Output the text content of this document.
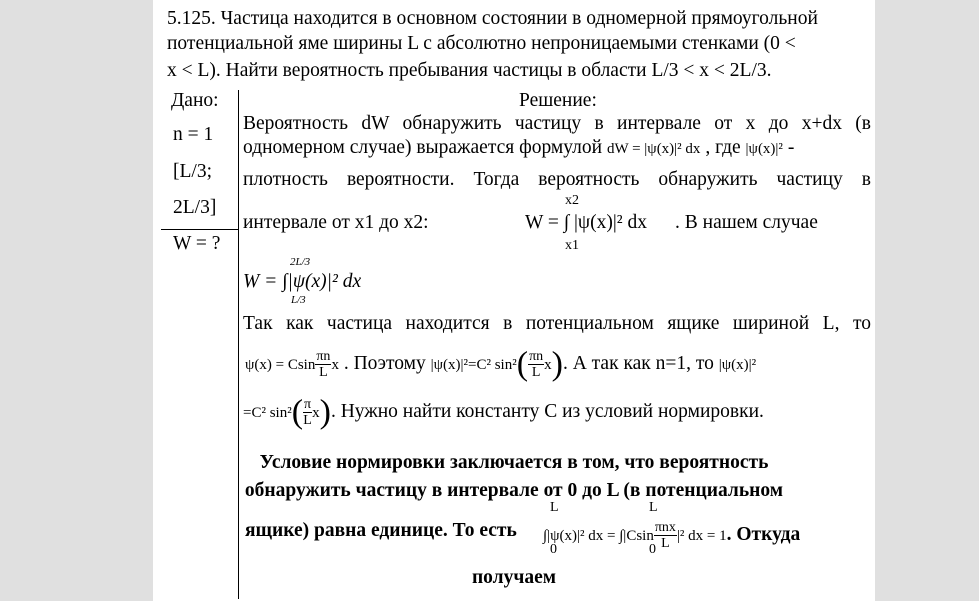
5.125. Частица находится в основном состоянии в одномерной прямоугольной
потенциальной яме ширины L с абсолютно непроницаемыми стенками (0 <
x < L). Найти вероятность пребывания частицы в области L/3 < x < 2L/3.
Дано:
n = 1
[L/3;
2L/3]
W = ?
Решение:
Вероятность dW обнаружить частицу в интервале от x до x+dx (в
одномерном случае) выражается формулой dW = |ψ(x)|² dx , где |ψ(x)|² -
плотность вероятности. Тогда вероятность обнаружить частицу в
интервале от x1 до x2:
x2
W = ∫ |ψ(x)|² dx
x1
. В нашем случае
2L/3
W = ∫|ψ(x)|² dx
L/3
Так как частица находится в потенциальном ящике шириной L, то
ψ(x) = Csin $\frac{\pi n}{L}$ x . Поэтому |ψ(x)|²=C² $\sin^2( \frac{\pi n}{L} x)$. А так как n=1, то |ψ(x)|²
=C² $\sin^2( \frac{\pi}{L} x)$. Нужно найти константу C из условий нормировки.
Условие нормировки заключается в том, что вероятность
обнаружить частицу в интервале от 0 до L (в потенциальном
ящике) равна единице. То есть
L
0
L
0
∫|ψ(x)|² dx = $\int|Csin \frac{\text{πnx}}{L} |^2$ dx = 1. Откуда
получаем
